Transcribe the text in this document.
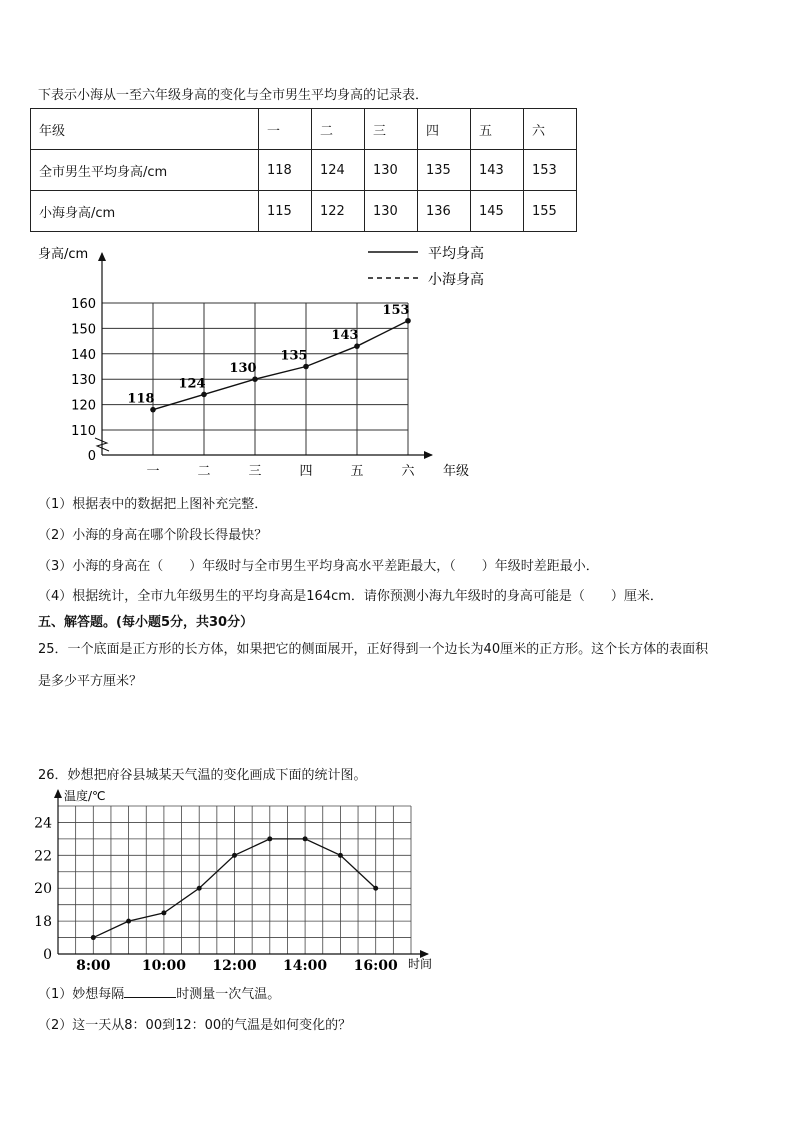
下表示小海从一至六年级身高的变化与全市男生平均身高的记录表．
年级	一	二	三	四	五	六
全市男生平均身高/cm	118	124	130	135	143	153
小海身高/cm	115	122	130	136	145	155
160
150
140
130
120
110
0
身高/cm
一	二	三	四	五	六 年级
平均身高
小海身高
118
124
130
135
143
153
（1）根据表中的数据把上图补充完整．
（2）小海的身高在哪个阶段长得最快？
（3）小海的身高在（　　）年级时与全市男生平均身高水平差距最大，（　　）年级时差距最小．
（4）根据统计，全市九年级男生的平均身高是164cm．请你预测小海九年级时的身高可能是（　　）厘米．
五、解答题。(每小题5分，共30分）
25．一个底面是正方形的长方体，如果把它的侧面展开，正好得到一个边长为40厘米的正方形。这个长方体的表面积
是多少平方厘米？
26．妙想把府谷县城某天气温的变化画成下面的统计图。
24
22
20
18
0
温度/℃
8:00 10:00 12:00 14:00 16:00 时间
（1）妙想每隔	时测量一次气温。
（2）这一天从8：00到12：00的气温是如何变化的？
